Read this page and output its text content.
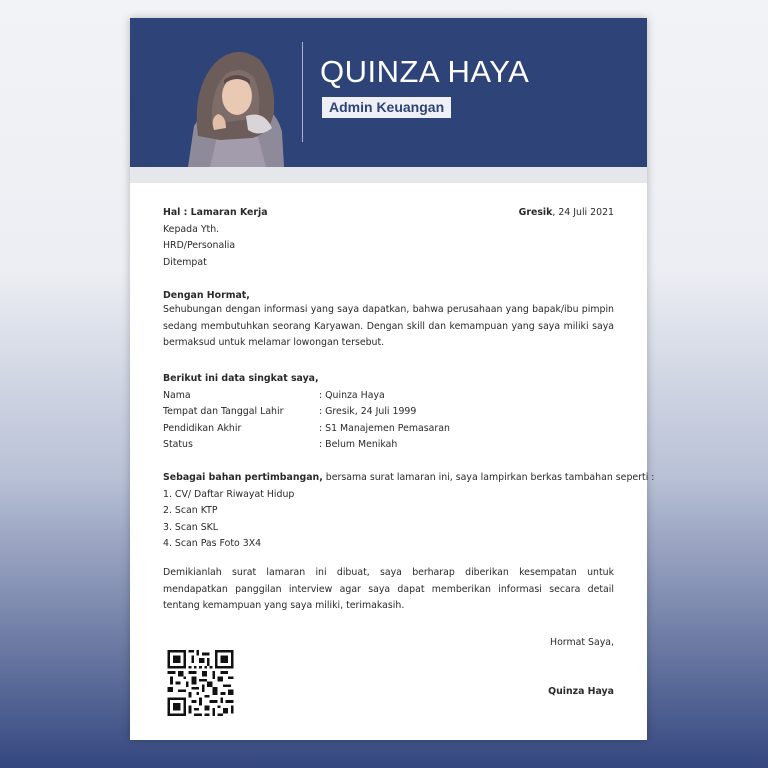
QUINZA HAYA
Admin Keuangan
Hal : Lamaran Kerja	Gresik, 24 Juli 2021
Kepada Yth.
HRD/Personalia
Ditempat
Dengan Hormat,

Sehubungan dengan informasi yang saya dapatkan, bahwa perusahaan yang bapak/ibu pimpin sedang membutuhkan seorang Karyawan. Dengan skill dan kemampuan yang saya miliki saya bermaksud untuk melamar lowongan tersebut.

Berikut ini data singkat saya,
Nama	: Quinza Haya
Tempat dan Tanggal Lahir	: Gresik, 24 Juli 1999
Pendidikan Akhir	: S1 Manajemen Pemasaran
Status	: Belum Menikah
Sebagai bahan pertimbangan, bersama surat lamaran ini, saya lampirkan berkas tambahan seperti :
1. CV/ Daftar Riwayat Hidup
2. Scan KTP
3. Scan SKL
4. Scan Pas Foto 3X4

Demikianlah surat lamaran ini dibuat, saya berharap diberikan kesempatan untuk mendapatkan panggilan interview agar saya dapat memberikan informasi secara detail tentang kemampuan yang saya miliki, terimakasih.

Hormat Saya,
Quinza Haya
